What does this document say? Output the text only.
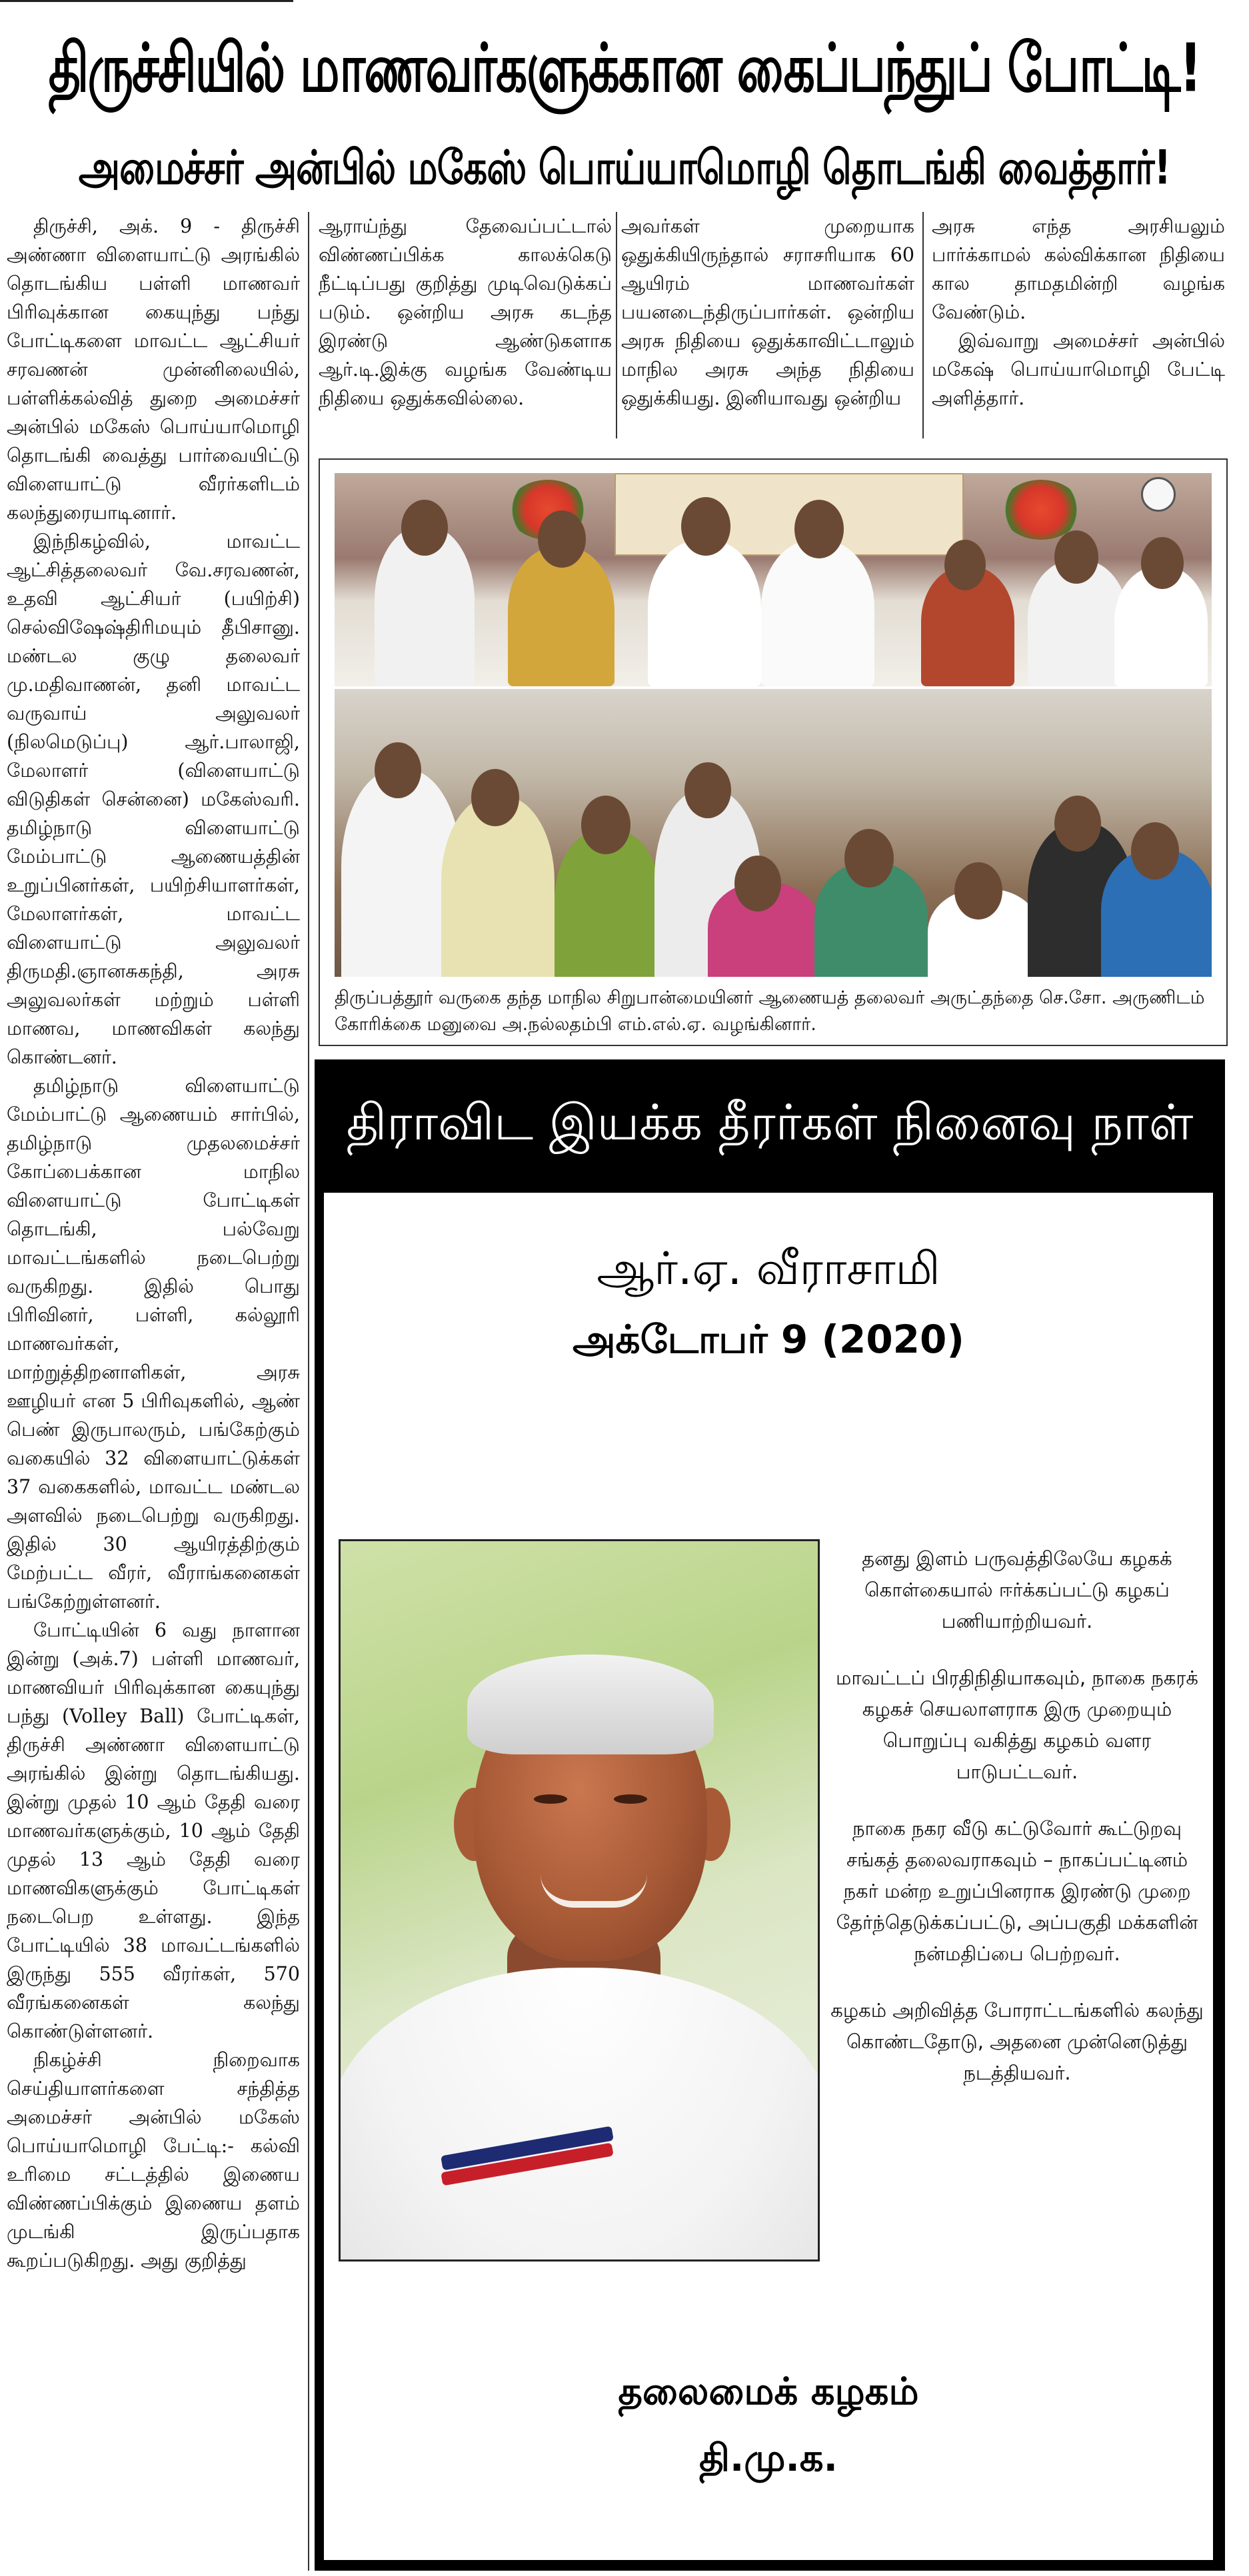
திருச்சியில் மாணவர்களுக்கான கைப்பந்துப் போட்டி!
அமைச்சர் அன்பில் மகேஸ் பொய்யாமொழி தொடங்கி வைத்தார்!

திருச்சி, அக். 9 - திருச்சி அண்ணா விளையாட்டு அரங்கில் தொடங்கிய பள்ளி மாணவர் பிரிவுக்கான கையுந்து பந்து போட்டிகளை மாவட்ட ஆட்சியர் சரவணன் முன்னிலையில், பள்ளிக்கல்வித் துறை அமைச்சர் அன்பில் மகேஸ் பொய்யாமொழி தொடங்கி வைத்து பார்வையிட்டு விளையாட்டு வீரர்களிடம் கலந்துரையாடினார்.

இந்நிகழ்வில், மாவட்ட ஆட்சித்தலைவர் வே.சரவணன், உதவி ஆட்சியர் (பயிற்சி) செல்விஷேஷ்திரிமயும் தீபிசானு. மண்டல குழு தலைவர் மு.மதிவாணன், தனி மாவட்ட வருவாய் அலுவலர் (நிலமெடுப்பு) ஆர்.பாலாஜி, மேலாளர் (விளையாட்டு விடுதிகள் சென்னை) மகேஸ்வரி. தமிழ்நாடு விளையாட்டு மேம்பாட்டு ஆணையத்தின் உறுப்பினர்கள், பயிற்சியாளர்கள், மேலாளர்கள், மாவட்ட விளையாட்டு அலுவலர் திருமதி.ஞானசுகந்தி, அரசு அலுவலர்கள் மற்றும் பள்ளி மாணவ, மாணவிகள் கலந்து கொண்டனர்.

தமிழ்நாடு விளையாட்டு மேம்பாட்டு ஆணையம் சார்பில், தமிழ்நாடு முதலமைச்சர் கோப்பைக்கான மாநில விளையாட்டு போட்டிகள் தொடங்கி, பல்வேறு மாவட்டங்களில் நடைபெற்று வருகிறது. இதில் பொது பிரிவினர், பள்ளி, கல்லூரி மாணவர்கள், மாற்றுத்திறனாளிகள், அரசு ஊழியர் என 5 பிரிவுகளில், ஆண் பெண் இருபாலரும், பங்கேற்கும் வகையில் 32 விளையாட்டுக்கள் 37 வகைகளில், மாவட்ட மண்டல அளவில் நடைபெற்று வருகிறது. இதில் 30 ஆயிரத்திற்கும் மேற்பட்ட வீரர், வீராங்கனைகள் பங்கேற்றுள்ளனர்.

போட்டியின் 6 வது நாளான இன்று (அக்.7) பள்ளி மாணவர், மாணவியர் பிரிவுக்கான கையுந்து பந்து (Volley Ball) போட்டிகள், திருச்சி அண்ணா விளையாட்டு அரங்கில் இன்று தொடங்கியது. இன்று முதல் 10 ஆம் தேதி வரை மாணவர்களுக்கும், 10 ஆம் தேதி முதல் 13 ஆம் தேதி வரை மாணவிகளுக்கும் போட்டிகள் நடைபெற உள்ளது. இந்த போட்டியில் 38 மாவட்டங்களில் இருந்து 555 வீரர்கள், 570 வீரங்கனைகள் கலந்து கொண்டுள்ளனர்.

நிகழ்ச்சி நிறைவாக செய்தியாளர்களை சந்தித்த அமைச்சர் அன்பில் மகேஸ் பொய்யாமொழி பேட்டி:- கல்வி உரிமை சட்டத்தில் இணைய விண்ணப்பிக்கும் இணைய தளம் முடங்கி இருப்பதாக கூறப்படுகிறது. அது குறித்து

ஆராய்ந்து தேவைப்பட்டால் விண்ணப்பிக்க காலக்கெடு நீட்டிப்பது குறித்து முடிவெடுக்கப் படும். ஒன்றிய அரசு கடந்த இரண்டு ஆண்டுகளாக ஆர்.டி.இக்கு வழங்க வேண்டிய நிதியை ஒதுக்கவில்லை.

அவர்கள் முறையாக ஒதுக்கியிருந்தால் சராசரியாக 60 ஆயிரம் மாணவர்கள் பயனடைந்திருப்பார்கள். ஒன்றிய அரசு நிதியை ஒதுக்காவிட்டாலும் மாநில அரசு அந்த நிதியை ஒதுக்கியது. இனியாவது ஒன்றிய

அரசு எந்த அரசியலும் பார்க்காமல் கல்விக்கான நிதியை கால தாமதமின்றி வழங்க வேண்டும்.

இவ்வாறு அமைச்சர் அன்பில் மகேஷ் பொய்யாமொழி பேட்டி அளித்தார்.

திருப்பத்தூர் வருகை தந்த மாநில சிறுபான்மையினர் ஆணையத் தலைவர் அருட்தந்தை செ.சோ. அருணிடம் கோரிக்கை மனுவை அ.நல்லதம்பி எம்.எல்.ஏ. வழங்கினார்.
திராவிட இயக்க தீரர்கள் நினைவு நாள்
ஆர்.ஏ. வீராசாமி
அக்டோபர் 9 (2020)

தனது இளம் பருவத்திலேயே கழகக் கொள்கையால் ஈர்க்கப்பட்டு கழகப் பணியாற்றியவர்.

மாவட்டப் பிரதிநிதியாகவும், நாகை நகரக் கழகச் செயலாளராக இரு முறையும் பொறுப்பு வகித்து கழகம் வளர பாடுபட்டவர்.

நாகை நகர வீடு கட்டுவோர் கூட்டுறவு சங்கத் தலைவராகவும் – நாகப்பட்டினம் நகர் மன்ற உறுப்பினராக இரண்டு முறை தேர்ந்தெடுக்கப்பட்டு, அப்பகுதி மக்களின் நன்மதிப்பை பெற்றவர்.

கழகம் அறிவித்த போராட்டங்களில் கலந்து கொண்டதோடு, அதனை முன்னெடுத்து நடத்தியவர்.

தலைமைக் கழகம்
தி.மு.க.
